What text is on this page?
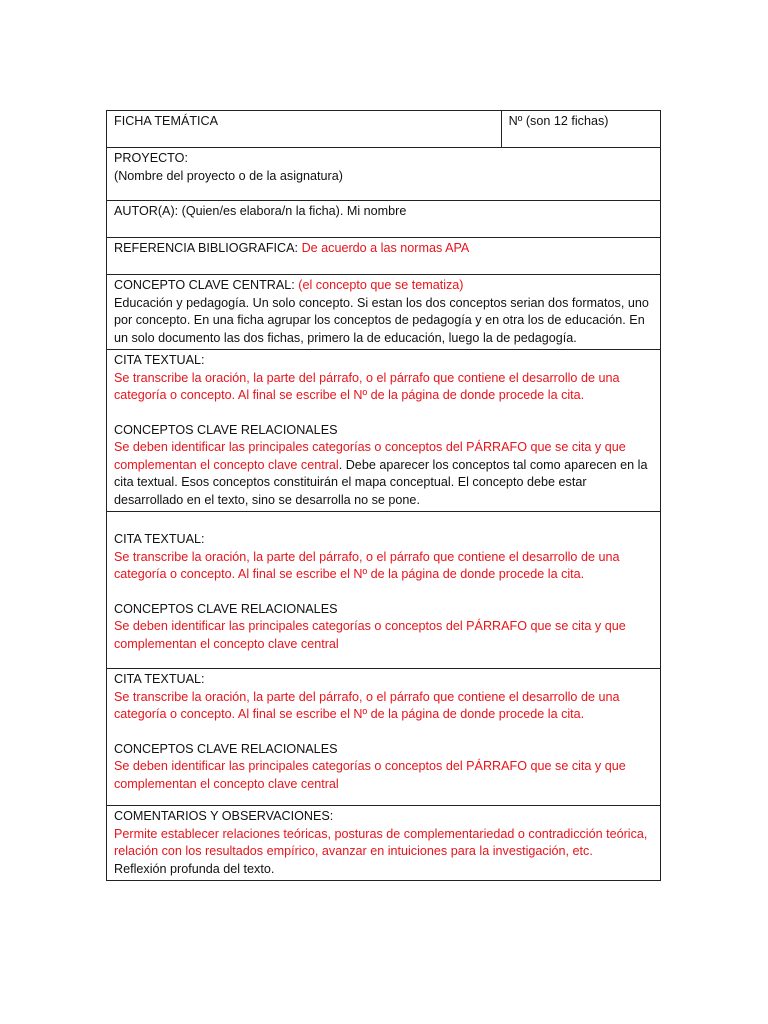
FICHA TEMÁTICA	Nº (son 12 fichas)

PROYECTO:
(Nombre del proyecto o de la asignatura)

AUTOR(A): (Quien/es elabora/n la ficha). Mi nombre
REFERENCIA BIBLIOGRAFICA: De acuerdo a las normas APA
CONCEPTO CLAVE CENTRAL: (el concepto que se tematiza)
Educación y pedagogía. Un solo concepto. Si estan los dos conceptos serian dos formatos, uno por concepto. En una ficha agrupar los conceptos de pedagogía y en otra los de educación. En un solo documento las dos fichas, primero la de educación, luego la de pedagogía.

CITA TEXTUAL:
Se transcribe la oración, la parte del párrafo, o el párrafo que contiene el desarrollo de una categoría o concepto. Al final se escribe el Nº de la página de donde procede la cita.
CONCEPTOS CLAVE RELACIONALES
Se deben identificar las principales categorías o conceptos del PÁRRAFO que se cita y que complementan el concepto clave central. Debe aparecer los conceptos tal como aparecen en la cita textual. Esos conceptos constituirán el mapa conceptual. El concepto debe estar desarrollado en el texto, sino se desarrolla no se pone.

CITA TEXTUAL:
Se transcribe la oración, la parte del párrafo, o el párrafo que contiene el desarrollo de una categoría o concepto. Al final se escribe el Nº de la página de donde procede la cita.
CONCEPTOS CLAVE RELACIONALES
Se deben identificar las principales categorías o conceptos del PÁRRAFO que se cita y que complementan el concepto clave central

CITA TEXTUAL:
Se transcribe la oración, la parte del párrafo, o el párrafo que contiene el desarrollo de una categoría o concepto. Al final se escribe el Nº de la página de donde procede la cita.
CONCEPTOS CLAVE RELACIONALES
Se deben identificar las principales categorías o conceptos del PÁRRAFO que se cita y que complementan el concepto clave central

COMENTARIOS Y OBSERVACIONES:
Permite establecer relaciones teóricas, posturas de complementariedad o contradicción teórica, relación con los resultados empírico, avanzar en intuiciones para la investigación, etc.
Reflexión profunda del texto.
